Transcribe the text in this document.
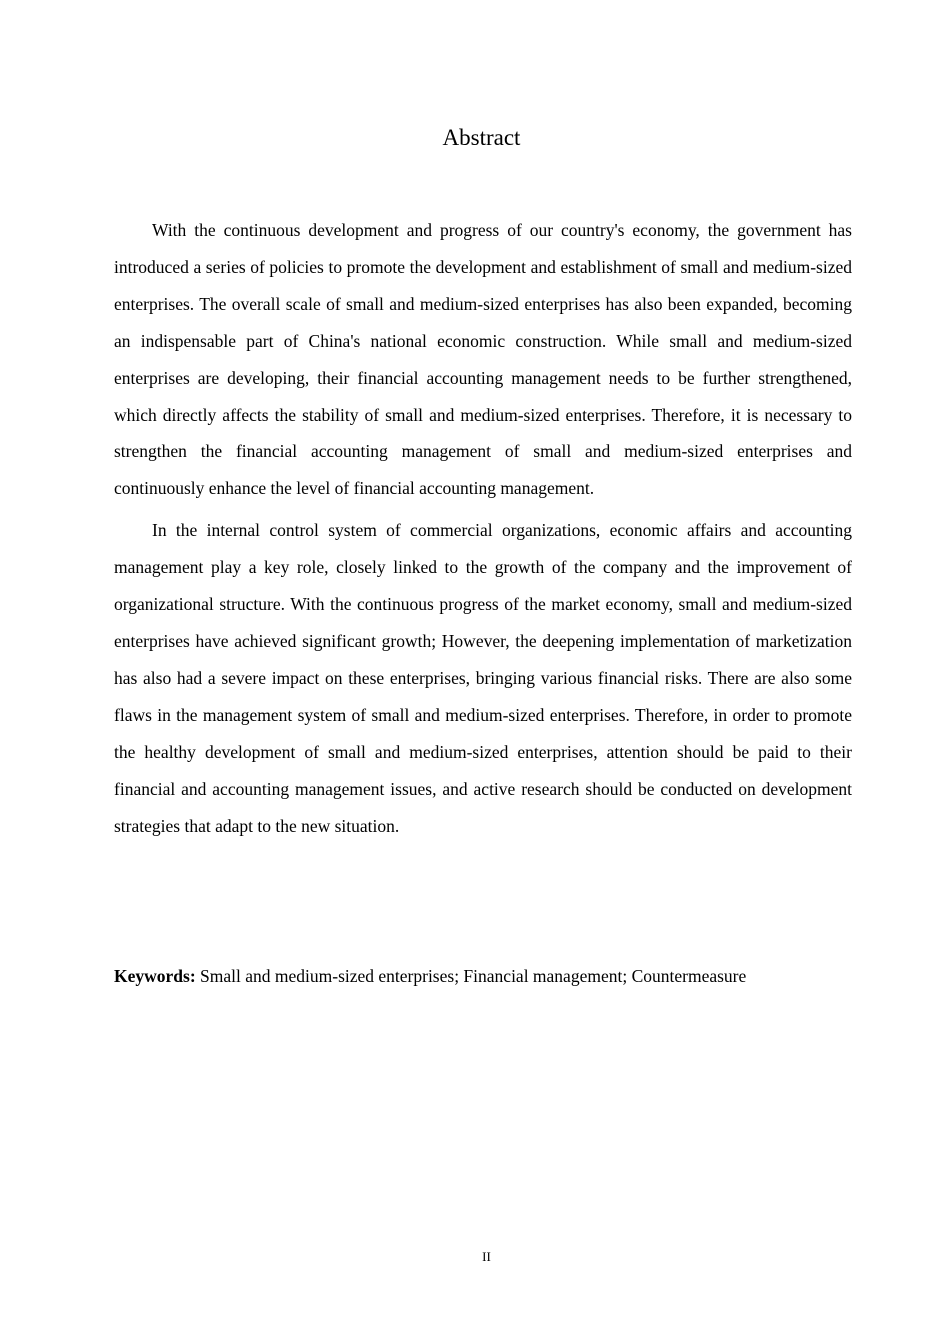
Abstract

With the continuous development and progress of our country's economy, the government has introduced a series of policies to promote the development and establishment of small and medium-sized enterprises. The overall scale of small and medium-sized enterprises has also been expanded, becoming an indispensable part of China's national economic construction. While small and medium-sized enterprises are developing, their financial accounting management needs to be further strengthened, which directly affects the stability of small and medium-sized enterprises. Therefore, it is necessary to strengthen the financial accounting management of small and medium-sized enterprises and continuously enhance the level of financial accounting management.

In the internal control system of commercial organizations, economic affairs and accounting management play a key role, closely linked to the growth of the company and the improvement of organizational structure. With the continuous progress of the market economy, small and medium-sized enterprises have achieved significant growth; However, the deepening implementation of marketization has also had a severe impact on these enterprises, bringing various financial risks. There are also some flaws in the management system of small and medium-sized enterprises. Therefore, in order to promote the healthy development of small and medium-sized enterprises, attention should be paid to their financial and accounting management issues, and active research should be conducted on development strategies that adapt to the new situation.

Keywords: Small and medium-sized enterprises; Financial management; Countermeasure

II
